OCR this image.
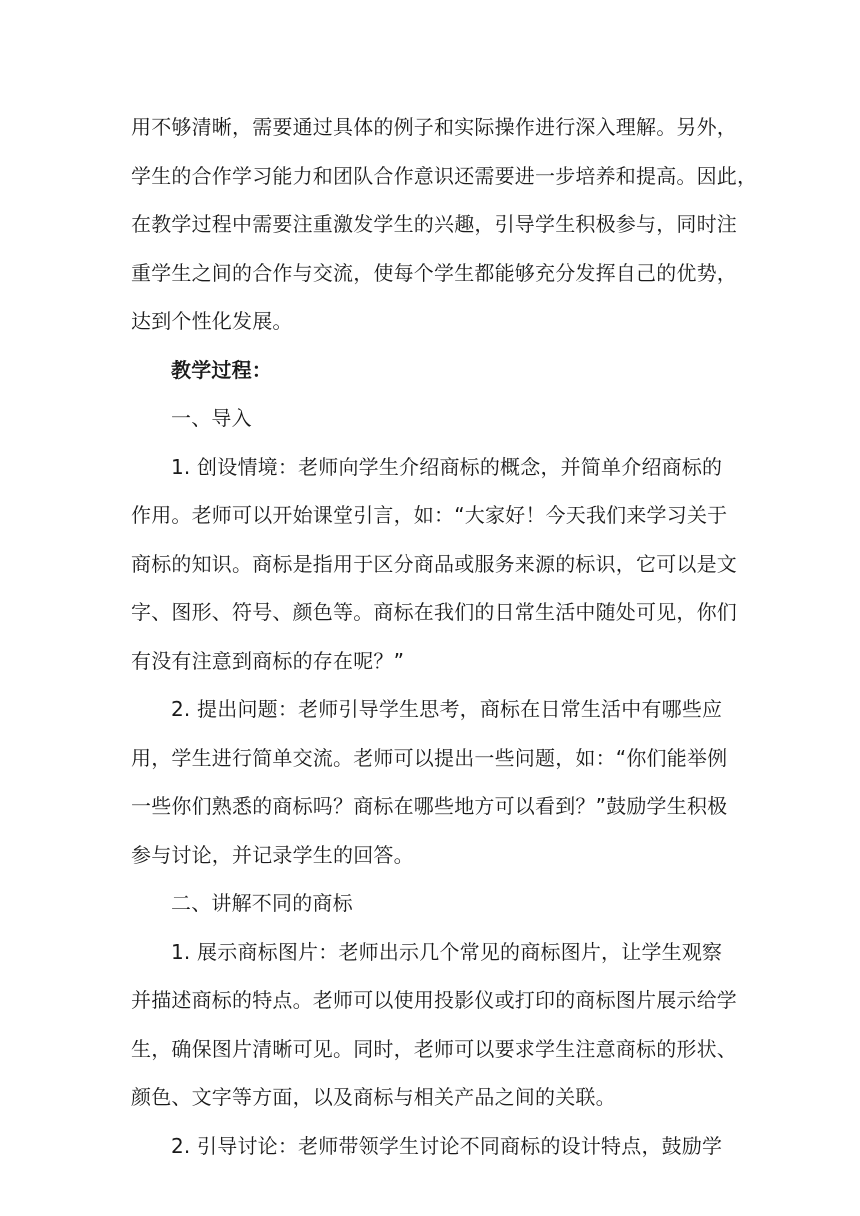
用不够清晰，需要通过具体的例子和实际操作进行深入理解。另外，
学生的合作学习能力和团队合作意识还需要进一步培养和提高。因此，
在教学过程中需要注重激发学生的兴趣，引导学生积极参与，同时注
重学生之间的合作与交流，使每个学生都能够充分发挥自己的优势，
达到个性化发展。
教学过程：
一、导入
1. 创设情境：老师向学生介绍商标的概念，并简单介绍商标的
作用。老师可以开始课堂引言，如：“大家好！今天我们来学习关于
商标的知识。商标是指用于区分商品或服务来源的标识，它可以是文
字、图形、符号、颜色等。商标在我们的日常生活中随处可见，你们
有没有注意到商标的存在呢？”
2. 提出问题：老师引导学生思考，商标在日常生活中有哪些应
用，学生进行简单交流。老师可以提出一些问题，如：“你们能举例
一些你们熟悉的商标吗？商标在哪些地方可以看到？”鼓励学生积极
参与讨论，并记录学生的回答。
二、讲解不同的商标
1. 展示商标图片：老师出示几个常见的商标图片，让学生观察
并描述商标的特点。老师可以使用投影仪或打印的商标图片展示给学
生，确保图片清晰可见。同时，老师可以要求学生注意商标的形状、
颜色、文字等方面，以及商标与相关产品之间的关联。
2. 引导讨论：老师带领学生讨论不同商标的设计特点，鼓励学
